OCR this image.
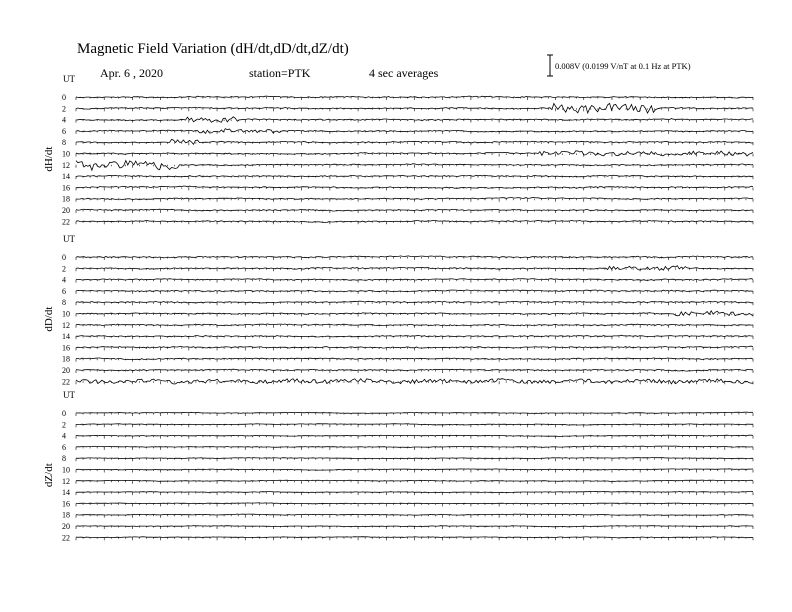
Magnetic Field Variation (dH/dt,dD/dt,dZ/dt)
Apr. 6 , 2020	station=PTK	4 sec averages	0.008V (0.0199 V/nT at 0.1 Hz at PTK)
UT
dH/dt
0
2
4
6
8
10
12
14
16
18
20
22
UT
dD/dt
0
2
4
6
8
10
12
14
16
18
20
22
UT
dZ/dt
0
2
4
6
8
10
12
14
16
18
20
22
